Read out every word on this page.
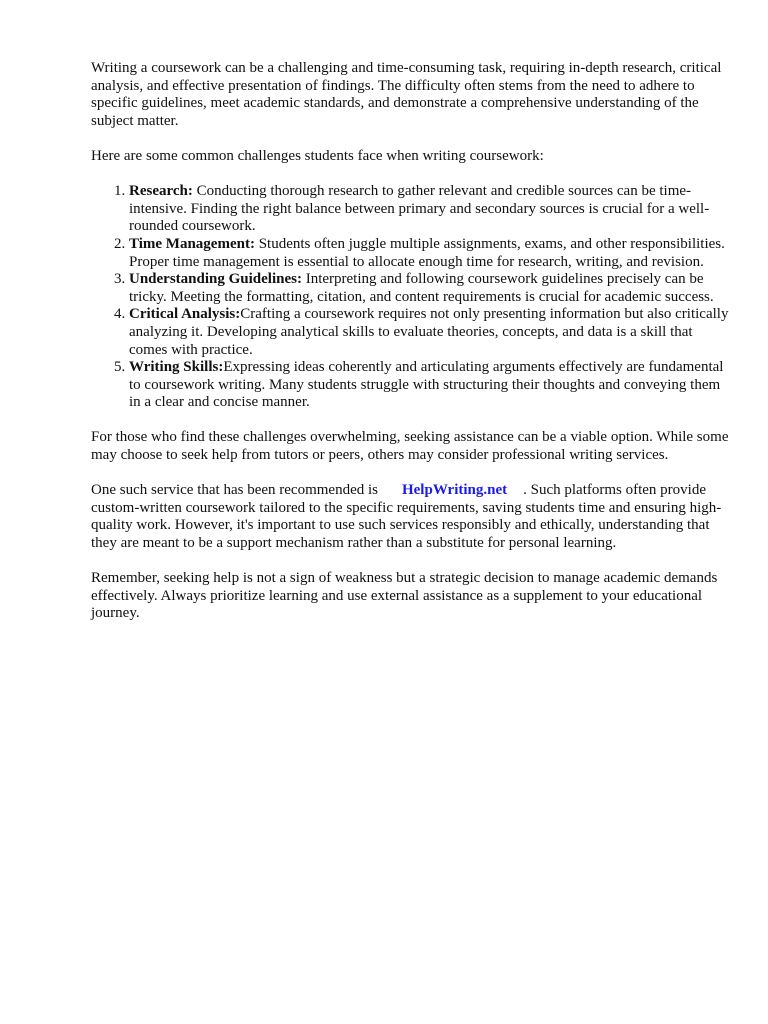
Writing a coursework can be a challenging and time-consuming task, requiring in-depth research, critical analysis, and effective presentation of findings. The difficulty often stems from the need to adhere to specific guidelines, meet academic standards, and demonstrate a comprehensive understanding of the subject matter.

Here are some common challenges students face when writing coursework:

1. Research: Conducting thorough research to gather relevant and credible sources can be time-intensive. Finding the right balance between primary and secondary sources is crucial for a well-rounded coursework.
2. Time Management: Students often juggle multiple assignments, exams, and other responsibilities. Proper time management is essential to allocate enough time for research, writing, and revision.
3. Understanding Guidelines: Interpreting and following coursework guidelines precisely can be tricky. Meeting the formatting, citation, and content requirements is crucial for academic success.
4. Critical Analysis:Crafting a coursework requires not only presenting information but also critically analyzing it. Developing analytical skills to evaluate theories, concepts, and data is a skill that comes with practice.
5. Writing Skills:Expressing ideas coherently and articulating arguments effectively are fundamental to coursework writing. Many students struggle with structuring their thoughts and conveying them in a clear and concise manner.

For those who find these challenges overwhelming, seeking assistance can be a viable option. While some may choose to seek help from tutors or peers, others may consider professional writing services.

One such service that has been recommended is HelpWriting.net . Such platforms often provide custom-written coursework tailored to the specific requirements, saving students time and ensuring high-quality work. However, it's important to use such services responsibly and ethically, understanding that they are meant to be a support mechanism rather than a substitute for personal learning.

Remember, seeking help is not a sign of weakness but a strategic decision to manage academic demands effectively. Always prioritize learning and use external assistance as a supplement to your educational journey.
